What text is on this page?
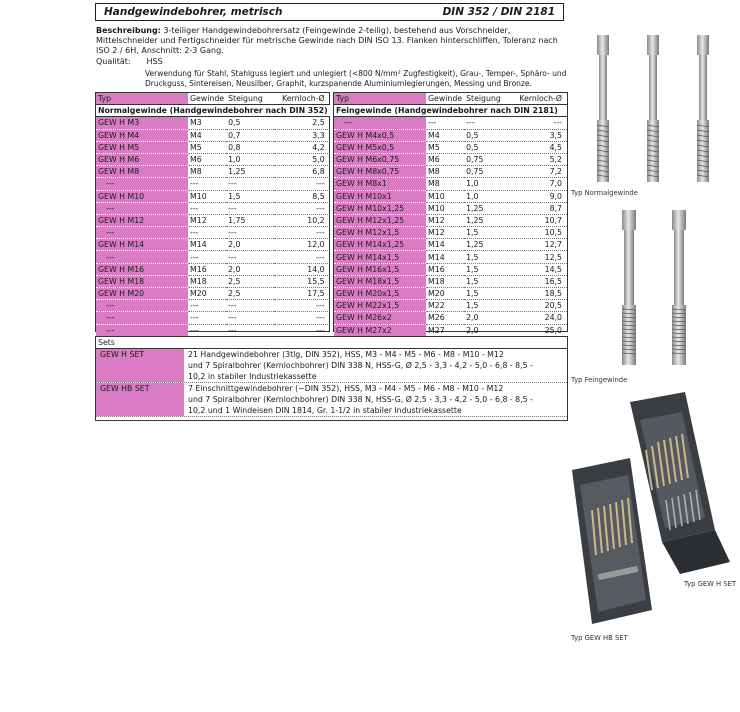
Handgewindebohrer, metrisch	DIN 352 / DIN 2181
Beschreibung: 3-teiliger Handgewindebohrersatz (Feingewinde 2-teilig), bestehend aus Vorschneider, Mittelschneider und Fertigschneider für metrische Gewinde nach DIN ISO 13. Flanken hinterschliffen, Toleranz nach ISO 2 / 6H, Anschnitt: 2-3 Gang.
Qualität: HSS
Verwendung für Stahl, Stahlguss legiert und unlegiert (<800 N/mm² Zugfestigkeit), Grau-, Temper-, Sphäro- und Druckguss, Sintereisen, Neusilber, Graphit, kurzspanende Aluminiumlegierungen, Messing und Bronze.
Typ	Gewinde	Steigung	Kernloch-Ø
Normalgewinde (Handgewindebohrer nach DIN 352)			
GEW H M3	M3	0,5	2,5
GEW H M4	M4	0,7	3,3
GEW H M5	M5	0,8	4,2
GEW H M6	M6	1,0	5,0
GEW H M8	M8	1,25	6,8
---	---	---	---
GEW H M10	M10	1,5	8,5
---	---	---	---
GEW H M12	M12	1,75	10,2
---	---	---	---
GEW H M14	M14	2,0	12,0
---	---	---	---
GEW H M16	M16	2,0	14,0
GEW H M18	M18	2,5	15,5
GEW H M20	M20	2,5	17,5
---	---	---	---
---	---	---	---
---	---	---	---
Typ	Gewinde	Steigung	Kernloch-Ø
Feingewinde (Handgewindebohrer nach DIN 2181)			
---	---	---	---
GEW H M4x0,5	M4	0,5	3,5
GEW H M5x0,5	M5	0,5	4,5
GEW H M6x0,75	M6	0,75	5,2
GEW H M8x0,75	M8	0,75	7,2
GEW H M8x1	M8	1,0	7,0
GEW H M10x1	M10	1,0	9,0
GEW H M10x1,25	M10	1,25	8,7
GEW H M12x1,25	M12	1,25	10,7
GEW H M12x1,5	M12	1,5	10,5
GEW H M14x1,25	M14	1,25	12,7
GEW H M14x1,5	M14	1,5	12,5
GEW H M16x1,5	M16	1,5	14,5
GEW H M18x1,5	M18	1,5	16,5
GEW H M20x1,5	M20	1,5	18,5
GEW H M22x1,5	M22	1,5	20,5
GEW H M26x2	M26	2,0	24,0
GEW H M27x2	M27	2,0	25,0
Sets
GEW H SET	21 Handgewindebohrer (3tlg, DIN 352), HSS, M3 - M4 - M5 - M6 - M8 - M10 - M12
und 7 Spiralbohrer (Kernlochbohrer) DIN 338 N, HSS-G, Ø 2,5 - 3,3 - 4,2 - 5,0 - 6,8 - 8,5 -
10,2 in stabiler Industriekassette
GEW HB SET	7 Einschnittgewindebohrer (~DIN 352), HSS, M3 - M4 - M5 - M6 - M8 - M10 - M12
und 7 Spiralbohrer (Kernlochbohrer) DIN 338 N, HSS-G, Ø 2,5 - 3,3 - 4,2 - 5,0 - 6,8 - 8,5 -
10,2 und 1 Windeisen DIN 1814, Gr. 1-1/2 in stabiler Industriekassette
Typ Normalgewinde
Typ Feingewinde
Typ GEW H SET
Typ GEW HB SET
